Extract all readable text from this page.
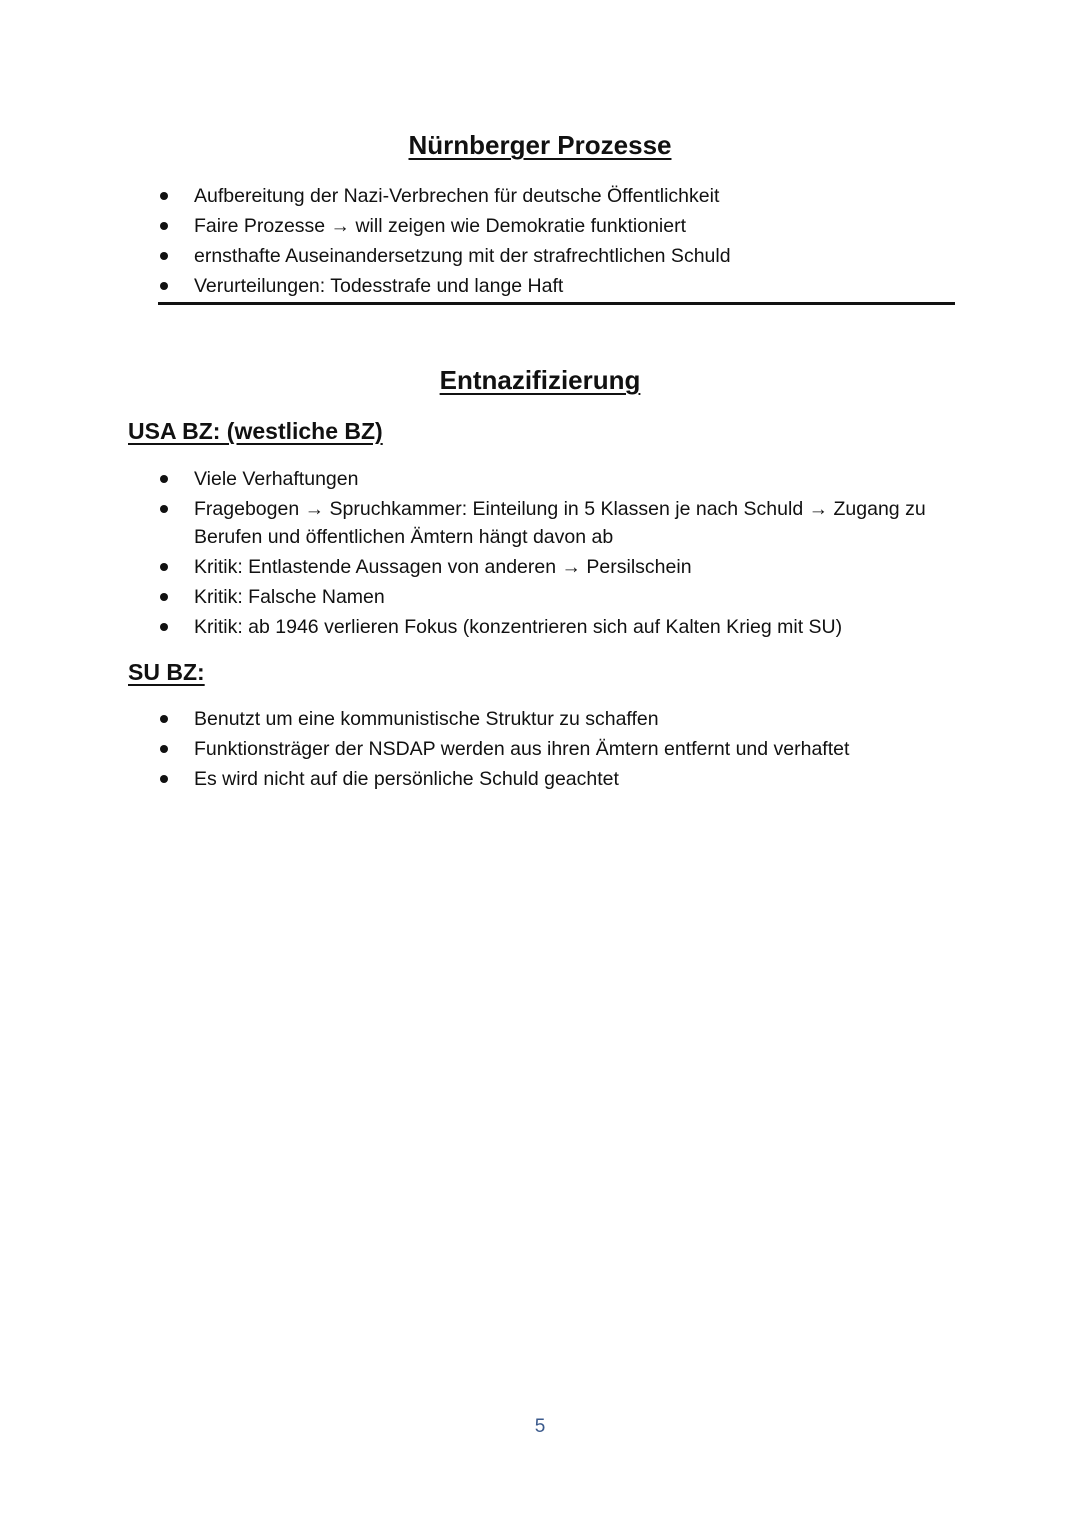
Nürnberger Prozesse
Aufbereitung der Nazi-Verbrechen für deutsche Öffentlichkeit
Faire Prozesse → will zeigen wie Demokratie funktioniert
ernsthafte Auseinandersetzung mit der strafrechtlichen Schuld
Verurteilungen: Todesstrafe und lange Haft
Entnazifizierung
USA BZ: (westliche BZ)
Viele Verhaftungen
Fragebogen → Spruchkammer: Einteilung in 5 Klassen je nach Schuld → Zugang zu Berufen und öffentlichen Ämtern hängt davon ab
Kritik: Entlastende Aussagen von anderen → Persilschein
Kritik: Falsche Namen
Kritik: ab 1946 verlieren Fokus (konzentrieren sich auf Kalten Krieg mit SU)
SU BZ:
Benutzt um eine kommunistische Struktur zu schaffen
Funktionsträger der NSDAP werden aus ihren Ämtern entfernt und verhaftet
Es wird nicht auf die persönliche Schuld geachtet
5
